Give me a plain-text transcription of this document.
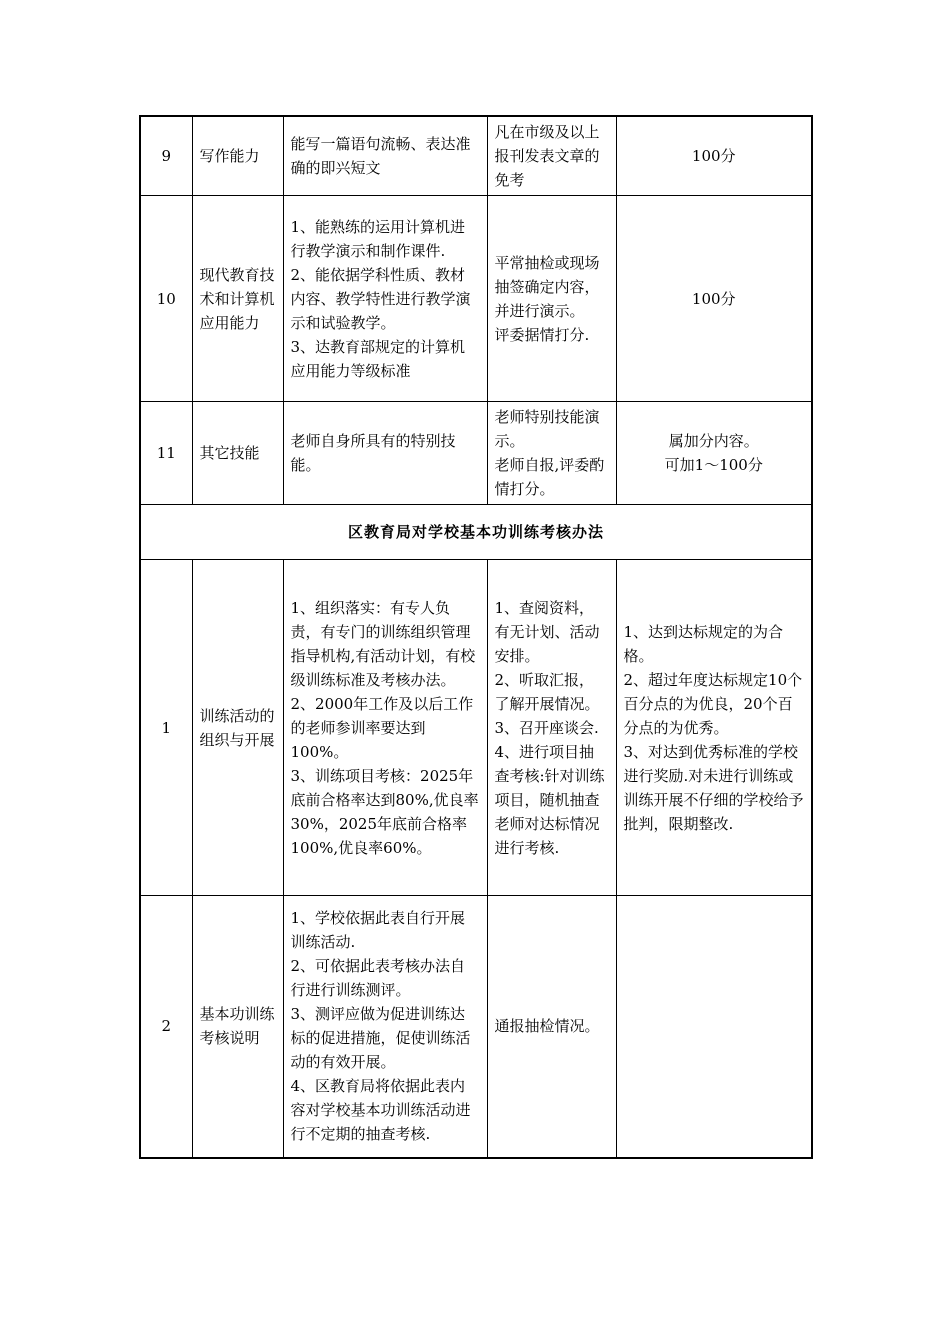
9	写作能力	能写一篇语句流畅、表达准确的即兴短文	凡在市级及以上报刊发表文章的免考	100分
10	现代教育技术和计算机应用能力	1、能熟练的运用计算机进行教学演示和制作课件.
2、能依据学科性质、教材内容、教学特性进行教学演示和试验教学。
3、达教育部规定的计算机应用能力等级标准	平常抽检或现场抽签确定内容，并进行演示。
评委据情打分.	100分
11	其它技能	老师自身所具有的特别技能。	老师特别技能演示。
老师自报,评委酌情打分。	属加分内容。
可加1～100分
区教育局对学校基本功训练考核办法				
1	训练活动的组织与开展	1、组织落实：有专人负责，有专门的训练组织管理指导机构,有活动计划，有校级训练标准及考核办法。
2、2000年工作及以后工作的老师参训率要达到100%。
3、训练项目考核：2025年底前合格率达到80%,优良率30%，2025年底前合格率100%,优良率60%。	1、查阅资料，有无计划、活动安排。
2、听取汇报，了解开展情况。
3、召开座谈会.
4、进行项目抽查考核:针对训练项目，随机抽查老师对达标情况进行考核.	1、达到达标规定的为合格。
2、超过年度达标规定10个百分点的为优良，20个百分点的为优秀。
3、对达到优秀标准的学校进行奖励.对未进行训练或训练开展不仔细的学校给予批判，限期整改.
2	基本功训练考核说明	1、学校依据此表自行开展训练活动.
2、可依据此表考核办法自行进行训练测评。
3、测评应做为促进训练达标的促进措施，促使训练活动的有效开展。
4、区教育局将依据此表内容对学校基本功训练活动进行不定期的抽查考核.	通报抽检情况。	
